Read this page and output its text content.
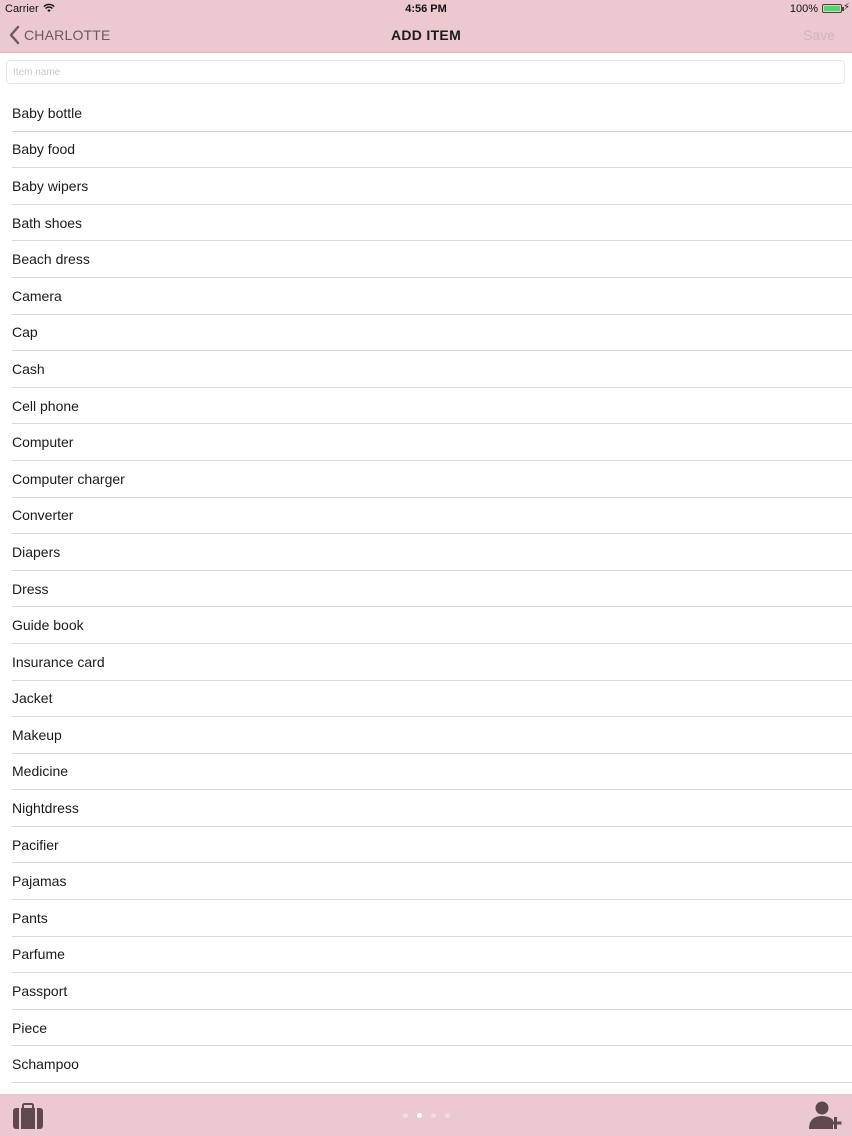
Carrier	4:56 PM	100% ⚡
CHARLOTTE	ADD ITEM	Save
Item name
Baby bottle
Baby food
Baby wipers
Bath shoes
Beach dress
Camera
Cap
Cash
Cell phone
Computer
Computer charger
Converter
Diapers
Dress
Guide book
Insurance card
Jacket
Makeup
Medicine
Nightdress
Pacifier
Pajamas
Pants
Parfume
Passport
Piece
Schampoo
